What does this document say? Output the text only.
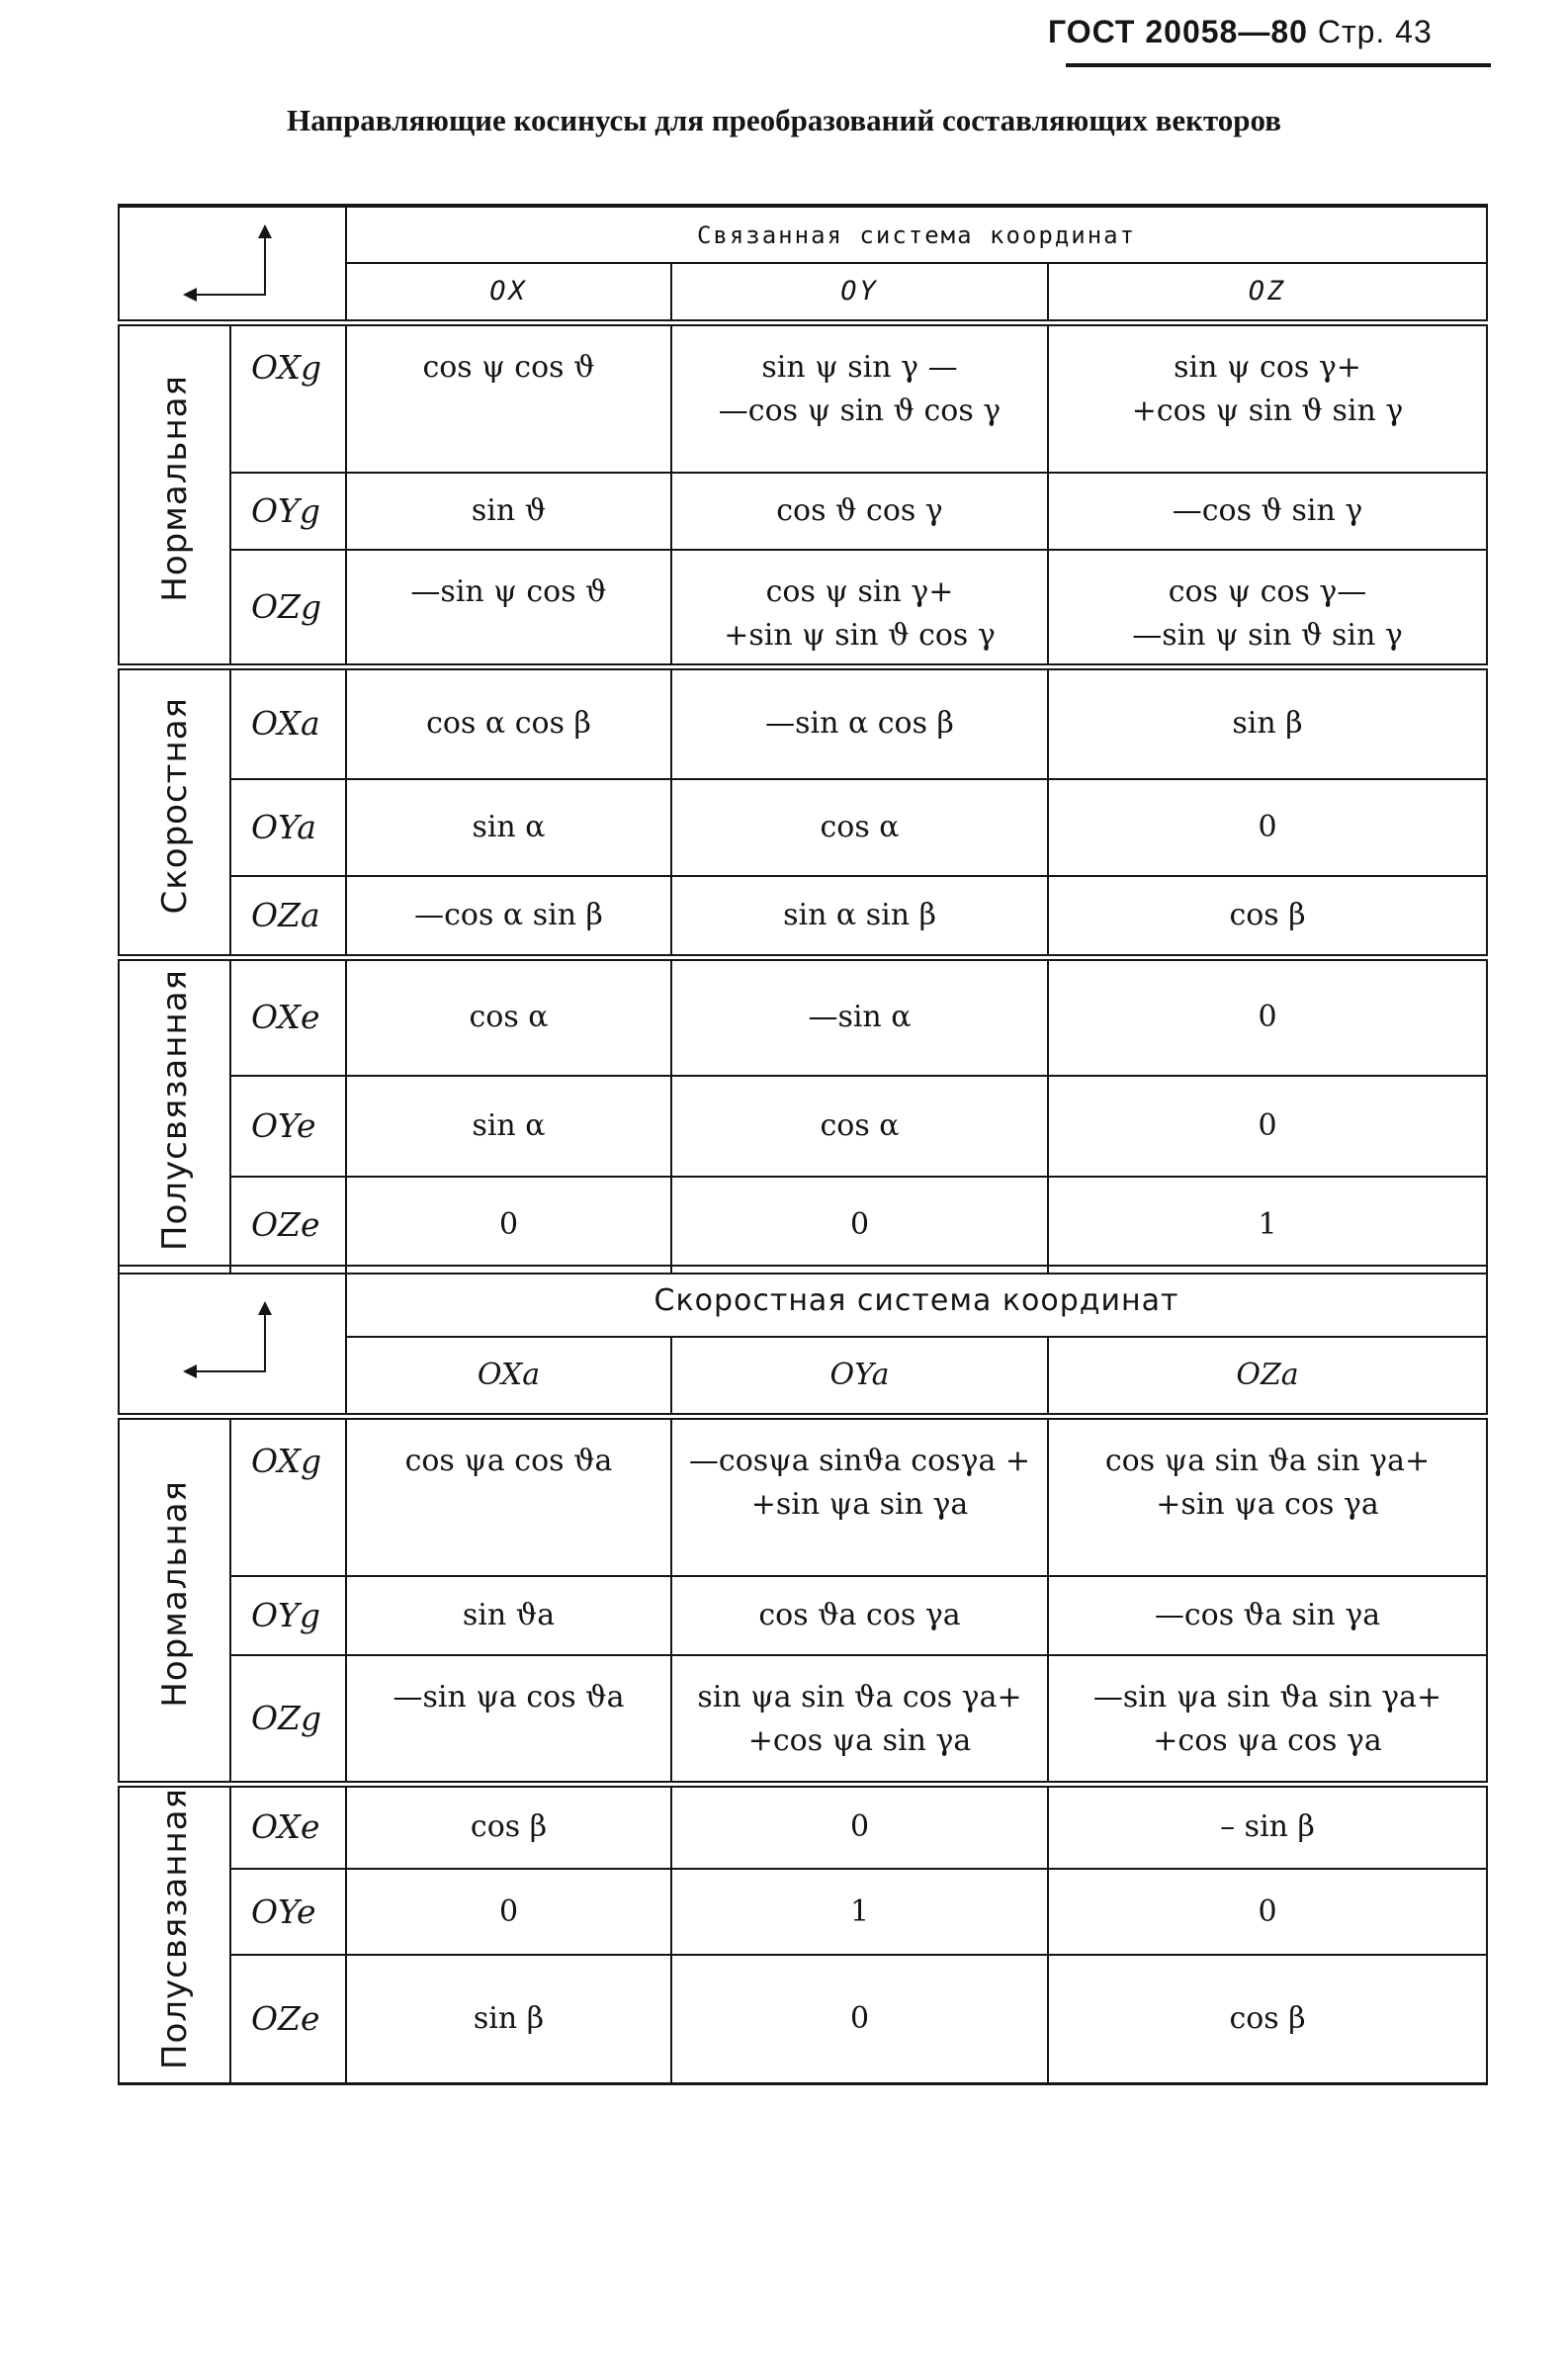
ГОСТ 20058—80 Стр. 43
Направляющие косинусы для преобразований составляющих векторов
		Связанная система координат		
		OX	OY	OZ
Нормальная	OXg	cos ψ cos ϑ	sin ψ sin γ —
—cos ψ sin ϑ cos γ	sin ψ cos γ+
+cos ψ sin ϑ sin γ
	OYg	sin ϑ	cos ϑ cos γ	—cos ϑ sin γ
	OZg	—sin ψ cos ϑ	cos ψ sin γ+
+sin ψ sin ϑ cos γ	cos ψ cos γ—
—sin ψ sin ϑ sin γ
Скоростная	OXa	cos α cos β	—sin α cos β	sin β
	OYa	sin α	cos α	0
	OZa	—cos α sin β	sin α sin β	cos β
Полусвязанная	OXe	cos α	—sin α	0
	OYe	sin α	cos α	0
	OZe	0	0	1
		Скоростная система координат		
		OXa	OYa	OZa
Нормальная	OXg	cos ψa cos ϑa	—cosψa sinϑa cosγa +
+sin ψa sin γa	cos ψa sin ϑa sin γa+
+sin ψa cos γa
	OYg	sin ϑa	cos ϑa cos γa	—cos ϑa sin γa
	OZg	—sin ψa cos ϑa	sin ψa sin ϑa cos γa+
+cos ψa sin γa	—sin ψa sin ϑa sin γa+
+cos ψa cos γa
Полусвязанная	OXe	cos β	0	– sin β
	OYe	0	1	0
	OZe	sin β	0	cos β
